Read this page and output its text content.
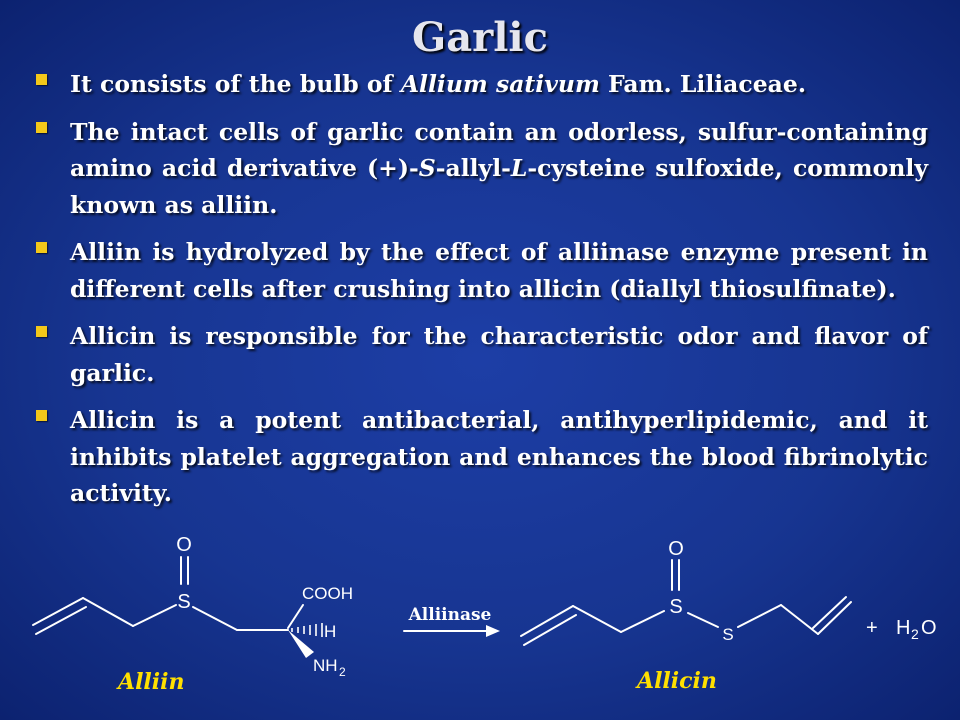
Garlic
It consists of the bulb of Allium sativum Fam. Liliaceae.
The intact cells of garlic contain an odorless, sulfur-containing amino acid derivative (+)-S-allyl-L-cysteine sulfoxide, commonly known as alliin.
Alliin is hydrolyzed by the effect of alliinase enzyme present in different cells after crushing into allicin (diallyl thiosulfinate).
Allicin is responsible for the characteristic odor and flavor of garlic.
Allicin is a potent antibacterial, antihyperlipidemic, and it inhibits platelet aggregation and enhances the blood fibrinolytic activity.
O
S	COOH
H
NH 2
O
S
S	+ H 2 O
Alliinase
Alliin	Allicin
